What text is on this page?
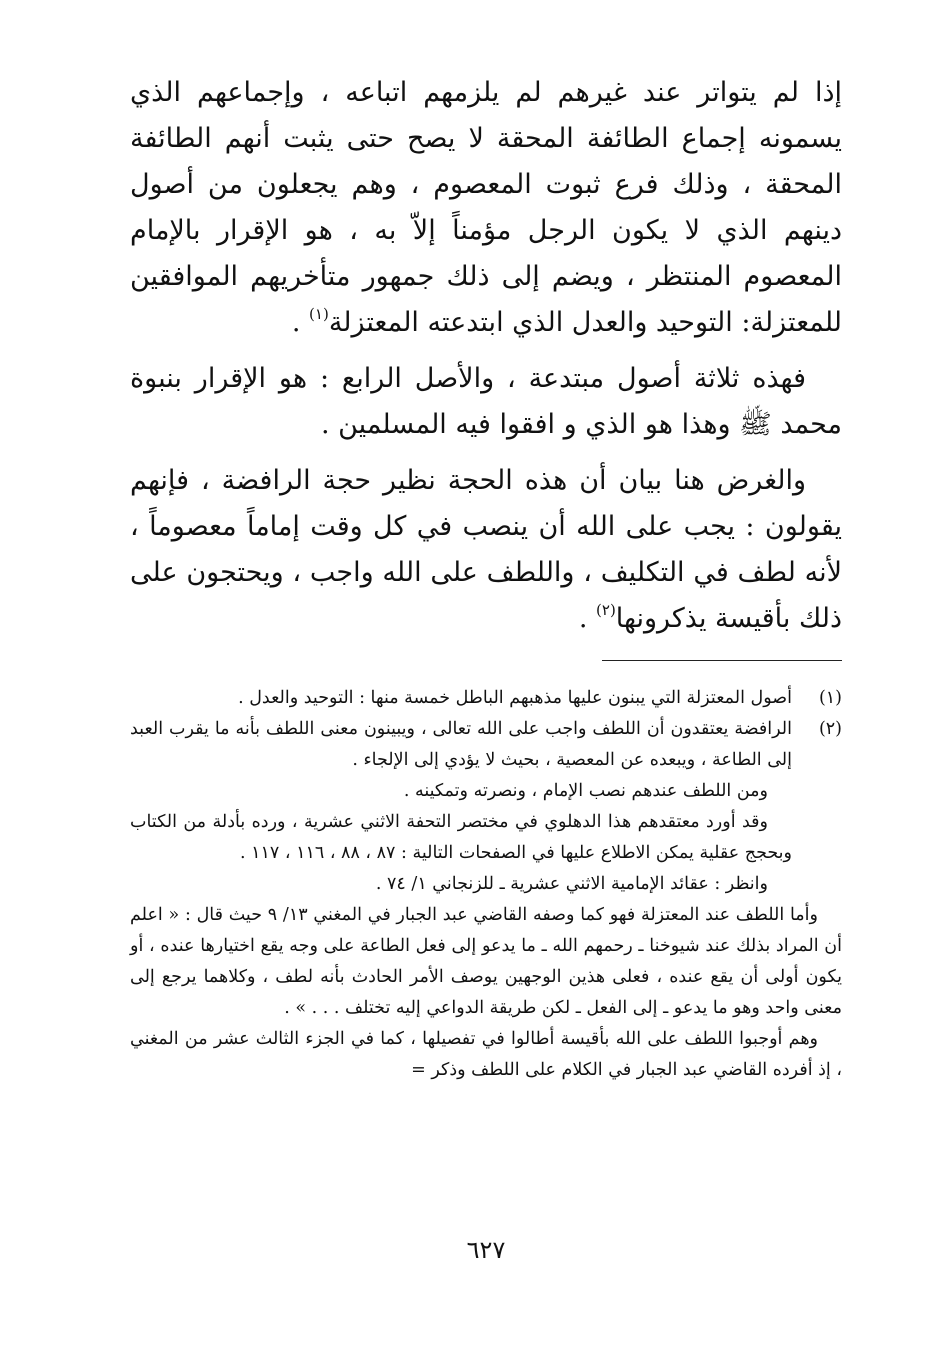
إذا لم يتواتر عند غيرهم لم يلزمهم اتباعه ، وإجماعهم الذي يسمونه إجماع الطائفة المحقة لا يصح حتى يثبت أنهم الطائفة المحقة ، وذلك فرع ثبوت المعصوم ، وهم يجعلون من أصول دينهم الذي لا يكون الرجل مؤمناً إلاّ به ، هو الإقرار بالإمام المعصوم المنتظر ، ويضم إلى ذلك جمهور متأخريهم الموافقين للمعتزلة: التوحيد والعدل الذي ابتدعته المعتزلة$^{(١)}$ .

فهذه ثلاثة أصول مبتدعة ، والأصل الرابع : هو الإقرار بنبوة محمد ﷺ وهذا هو الذي و افقوا فيه المسلمين .

والغرض هنا بيان أن هذه الحجة نظير حجة الرافضة ، فإنهم يقولون : يجب على الله أن ينصب في كل وقت إماماً معصوماً ، لأنه لطف في التكليف ، واللطف على الله واجب ، ويحتجون على ذلك بأقيسة يذكرونها$^{(٢)}$ .

(١)

أصول المعتزلة التي يبنون عليها مذهبهم الباطل خمسة منها : التوحيد والعدل .

(٢)

الرافضة يعتقدون أن اللطف واجب على الله تعالى ، ويبينون معنى اللطف بأنه ما يقرب العبد إلى الطاعة ، ويبعده عن المعصية ، بحيث لا يؤدي إلى الإلجاء .

ومن اللطف عندهم نصب الإمام ، ونصرته وتمكينه .

وقد أورد معتقدهم هذا الدهلوي في مختصر التحفة الاثني عشرية ، ورده بأدلة من الكتاب وبحجج عقلية يمكن الاطلاع عليها في الصفحات التالية : ٨٧ ، ٨٨ ، ١١٦ ، ١١٧ .

وانظر : عقائد الإمامية الاثني عشرية ـ للزنجاني ١/ ٧٤ .

وأما اللطف عند المعتزلة فهو كما وصفه القاضي عبد الجبار في المغني ١٣/ ٩ حيث قال : « اعلم أن المراد بذلك عند شيوخنا ـ رحمهم الله ـ ما يدعو إلى فعل الطاعة على وجه يقع اختيارها عنده ، أو يكون أولى أن يقع عنده ، فعلى هذين الوجهين يوصف الأمر الحادث بأنه لطف ، وكلاهما يرجع إلى معنى واحد وهو ما يدعو ـ إلى الفعل ـ لكن طريقة الدواعي إليه تختلف . . . » .

وهم أوجبوا اللطف على الله بأقيسة أطالوا في تفصيلها ، كما في الجزء الثالث عشر من المغني ، إذ أفرده القاضي عبد الجبار في الكلام على اللطف وذكر =

٦٢٧
